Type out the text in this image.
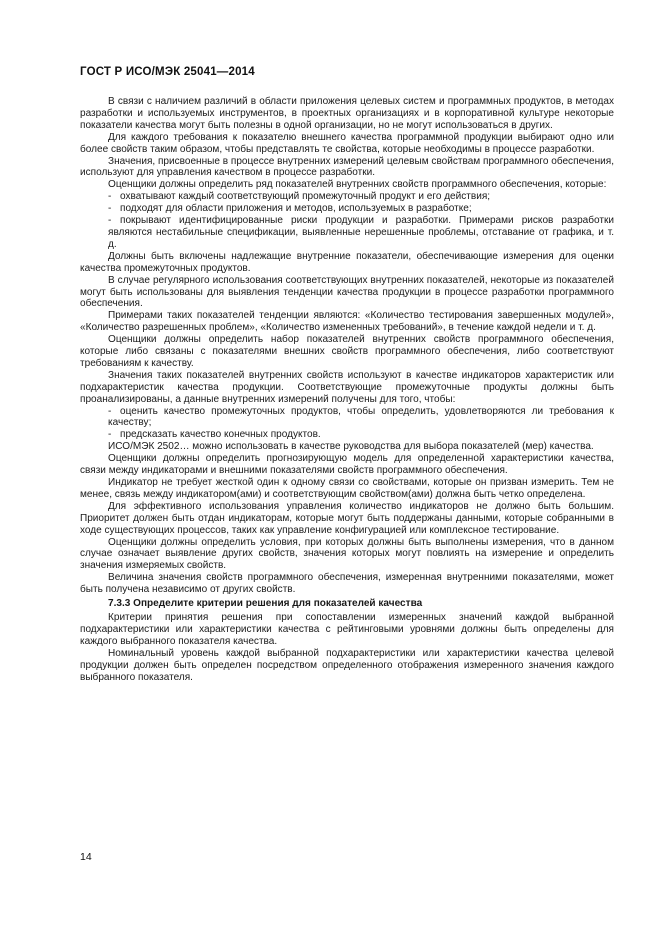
ГОСТ Р ИСО/МЭК 25041—2014

В связи с наличием различий в области приложения целевых систем и программных продуктов, в методах разработки и используемых инструментов, в проектных организациях и в корпоративной культуре некоторые показатели качества могут быть полезны в одной организации, но не могут использоваться в других.

Для каждого требования к показателю внешнего качества программной продукции выбирают одно или более свойств таким образом, чтобы представлять те свойства, которые необходимы в процессе разработки.

Значения, присвоенные в процессе внутренних измерений целевым свойствам программного обеспечения, используют для управления качеством в процессе разработки.

Оценщики должны определить ряд показателей внутренних свойств программного обеспечения, которые:

- охватывают каждый соответствующий промежуточный продукт и его действия;

- подходят для области приложения и методов, используемых в разработке;

- покрывают идентифицированные риски продукции и разработки. Примерами рисков разработки являются нестабильные спецификации, выявленные нерешенные проблемы, отставание от графика, и т. д.

Должны быть включены надлежащие внутренние показатели, обеспечивающие измерения для оценки качества промежуточных продуктов.

В случае регулярного использования соответствующих внутренних показателей, некоторые из показателей могут быть использованы для выявления тенденции качества продукции в процессе разработки программного обеспечения.

Примерами таких показателей тенденции являются: «Количество тестирования завершенных модулей», «Количество разрешенных проблем», «Количество измененных требований», в течение каждой недели и т. д.

Оценщики должны определить набор показателей внутренних свойств программного обеспечения, которые либо связаны с показателями внешних свойств программного обеспечения, либо соответствуют требованиям к качеству.

Значения таких показателей внутренних свойств используют в качестве индикаторов характеристик или подхарактеристик качества продукции. Соответствующие промежуточные продукты должны быть проанализированы, а данные внутренних измерений получены для того, чтобы:

- оценить качество промежуточных продуктов, чтобы определить, удовлетворяются ли требования к качеству;

- предсказать качество конечных продуктов.

ИСО/МЭК 2502… можно использовать в качестве руководства для выбора показателей (мер) качества.

Оценщики должны определить прогнозирующую модель для определенной характеристики качества, связи между индикаторами и внешними показателями свойств программного обеспечения.

Индикатор не требует жесткой один к одному связи со свойствами, которые он призван измерить. Тем не менее, связь между индикатором(ами) и соответствующим свойством(ами) должна быть четко определена.

Для эффективного использования управления количество индикаторов не должно быть большим. Приоритет должен быть отдан индикаторам, которые могут быть поддержаны данными, которые собранными в ходе существующих процессов, таких как управление конфигурацией или комплексное тестирование.

Оценщики должны определить условия, при которых должны быть выполнены измерения, что в данном случае означает выявление других свойств, значения которых могут повлиять на измерение и определить значения измеряемых свойств.

Величина значения свойств программного обеспечения, измеренная внутренними показателями, может быть получена независимо от других свойств.

7.3.3 Определите критерии решения для показателей качества

Критерии принятия решения при сопоставлении измеренных значений каждой выбранной подхарактеристики или характеристики качества с рейтинговыми уровнями должны быть определены для каждого выбранного показателя качества.

Номинальный уровень каждой выбранной подхарактеристики или характеристики качества целевой продукции должен быть определен посредством определенного отображения измеренного значения каждого выбранного показателя.

14
